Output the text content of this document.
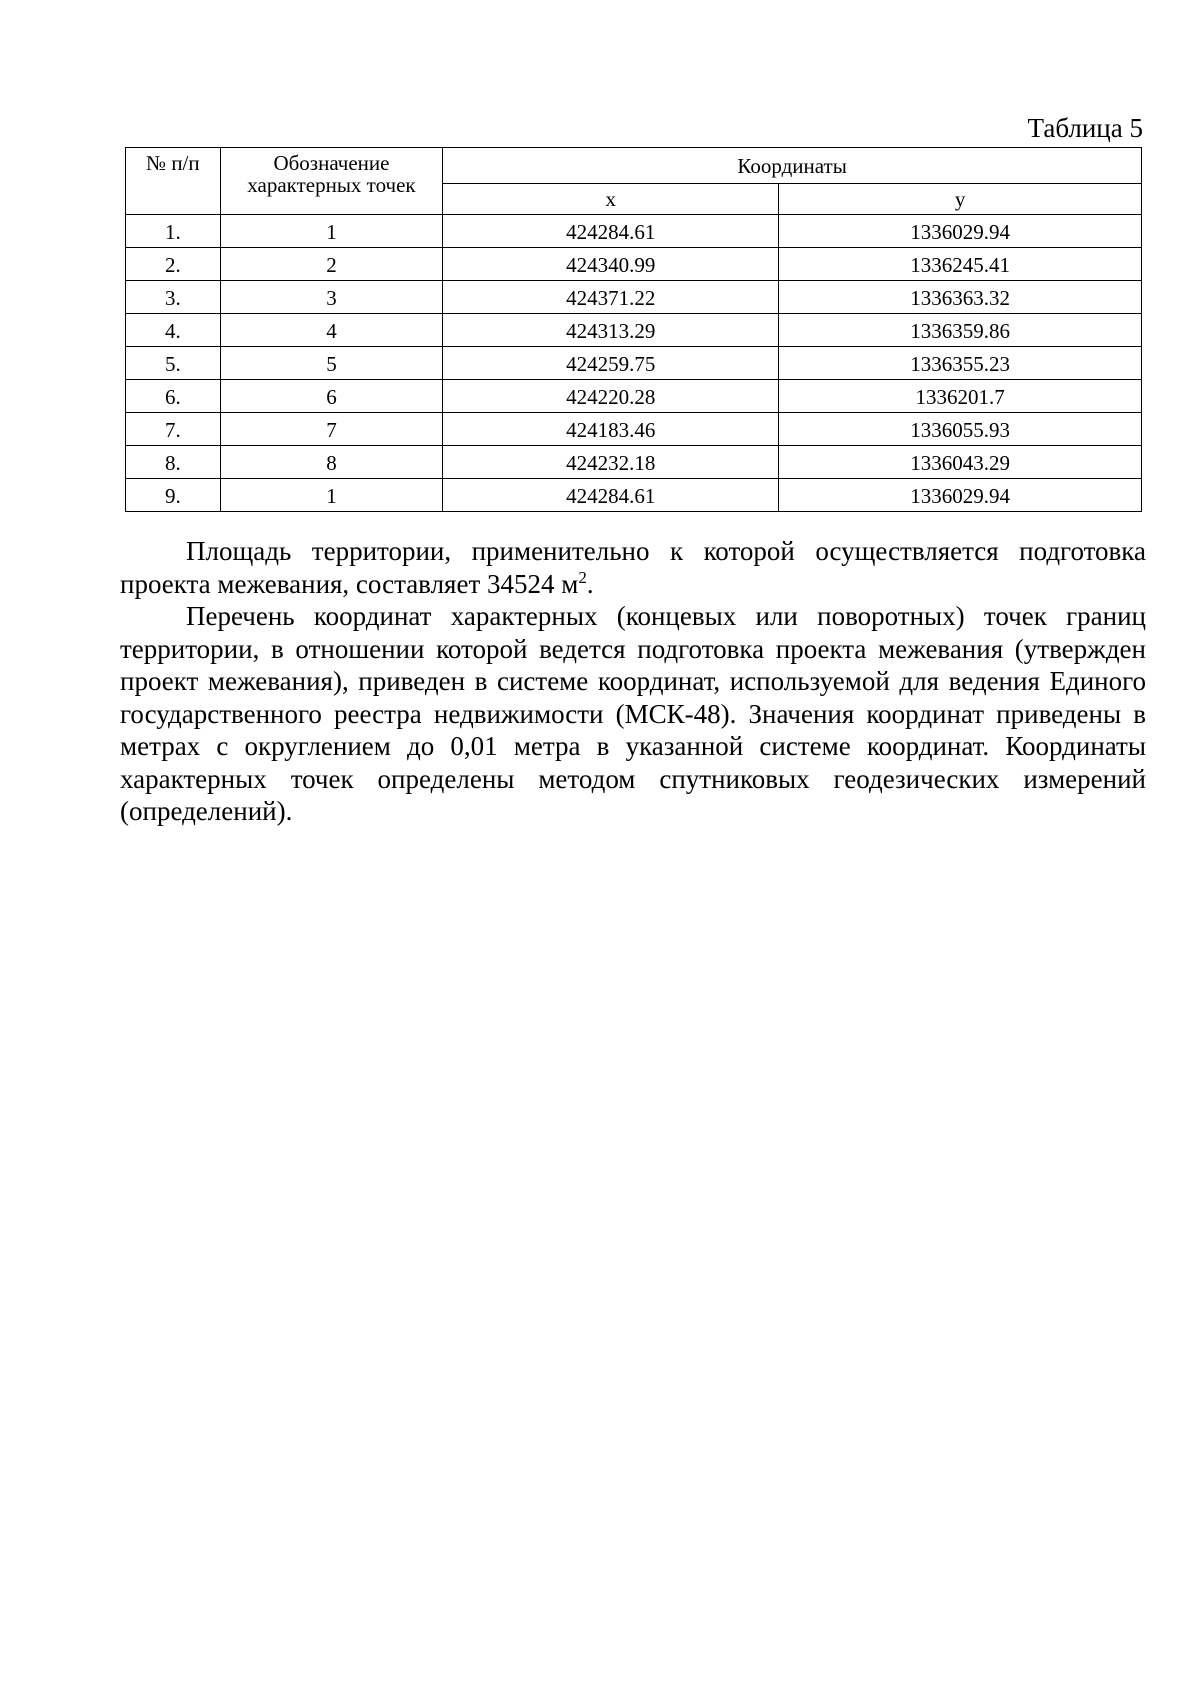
Таблица 5
№ п/п	Обозначение характерных точек	Координаты	
		x	y
1.	1	424284.61	1336029.94
2.	2	424340.99	1336245.41
3.	3	424371.22	1336363.32
4.	4	424313.29	1336359.86
5.	5	424259.75	1336355.23
6.	6	424220.28	1336201.7
7.	7	424183.46	1336055.93
8.	8	424232.18	1336043.29
9.	1	424284.61	1336029.94

Площадь территории, применительно к которой осуществляется подготовка проекта межевания, составляет 34524 $м^2$.

Перечень координат характерных (концевых или поворотных) точек границ территории, в отношении которой ведется подготовка проекта межевания (утвержден проект межевания), приведен в системе координат, используемой для ведения Единого государственного реестра недвижимости (МСК-48). Значения координат приведены в метрах с округлением до 0,01 метра в указанной системе координат. Координаты характерных точек определены методом спутниковых геодезических измерений (определений).
